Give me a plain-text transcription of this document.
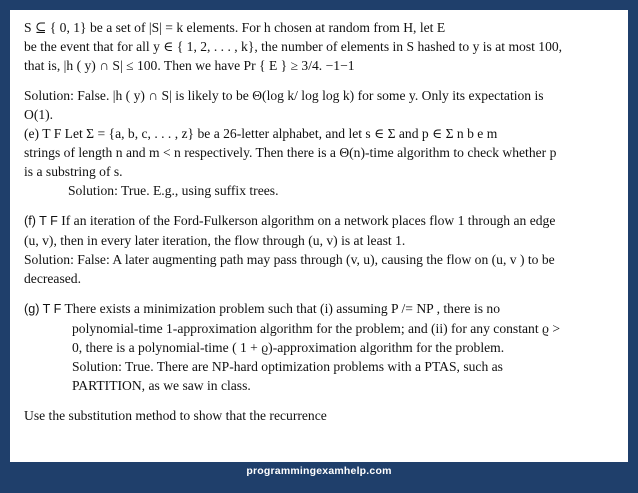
S ⊆ { 0, 1} be a set of |S| = k elements. For h chosen at random from H, let E

be the event that for all y ∈ { 1, 2, . . . , k}, the number of elements in S hashed to y is at most 100,

that is, |h ( y) ∩ S| ≤ 100. Then we have Pr { E } ≥ 3/4. −1−1

Solution: False. |h ( y) ∩ S| is likely to be Θ(log k/ log log k) for some y. Only its expectation is

O(1).

(e) T F Let Σ = {a, b, c, . . . , z} be a 26-letter alphabet, and let s ∈ Σ and p ∈ Σ n b e m

strings of length n and m < n respectively. Then there is a Θ(n)-time algorithm to check whether p

is a substring of s.

Solution: True. E.g., using suffix trees.

(f) T F If an iteration of the Ford-Fulkerson algorithm on a network places flow 1 through an edge

(u, v), then in every later iteration, the flow through (u, v) is at least 1.

Solution: False: A later augmenting path may pass through (v, u), causing the flow on (u, v ) to be

decreased.

(g) T F There exists a minimization problem such that (i) assuming P /= NP , there is no

polynomial-time 1-approximation algorithm for the problem; and (ii) for any constant ϱ >

0, there is a polynomial-time ( 1 + ϱ)-approximation algorithm for the problem.

Solution: True. There are NP-hard optimization problems with a PTAS, such as

PARTITION, as we saw in class.

Use the substitution method to show that the recurrence

programmingexamhelp.com
